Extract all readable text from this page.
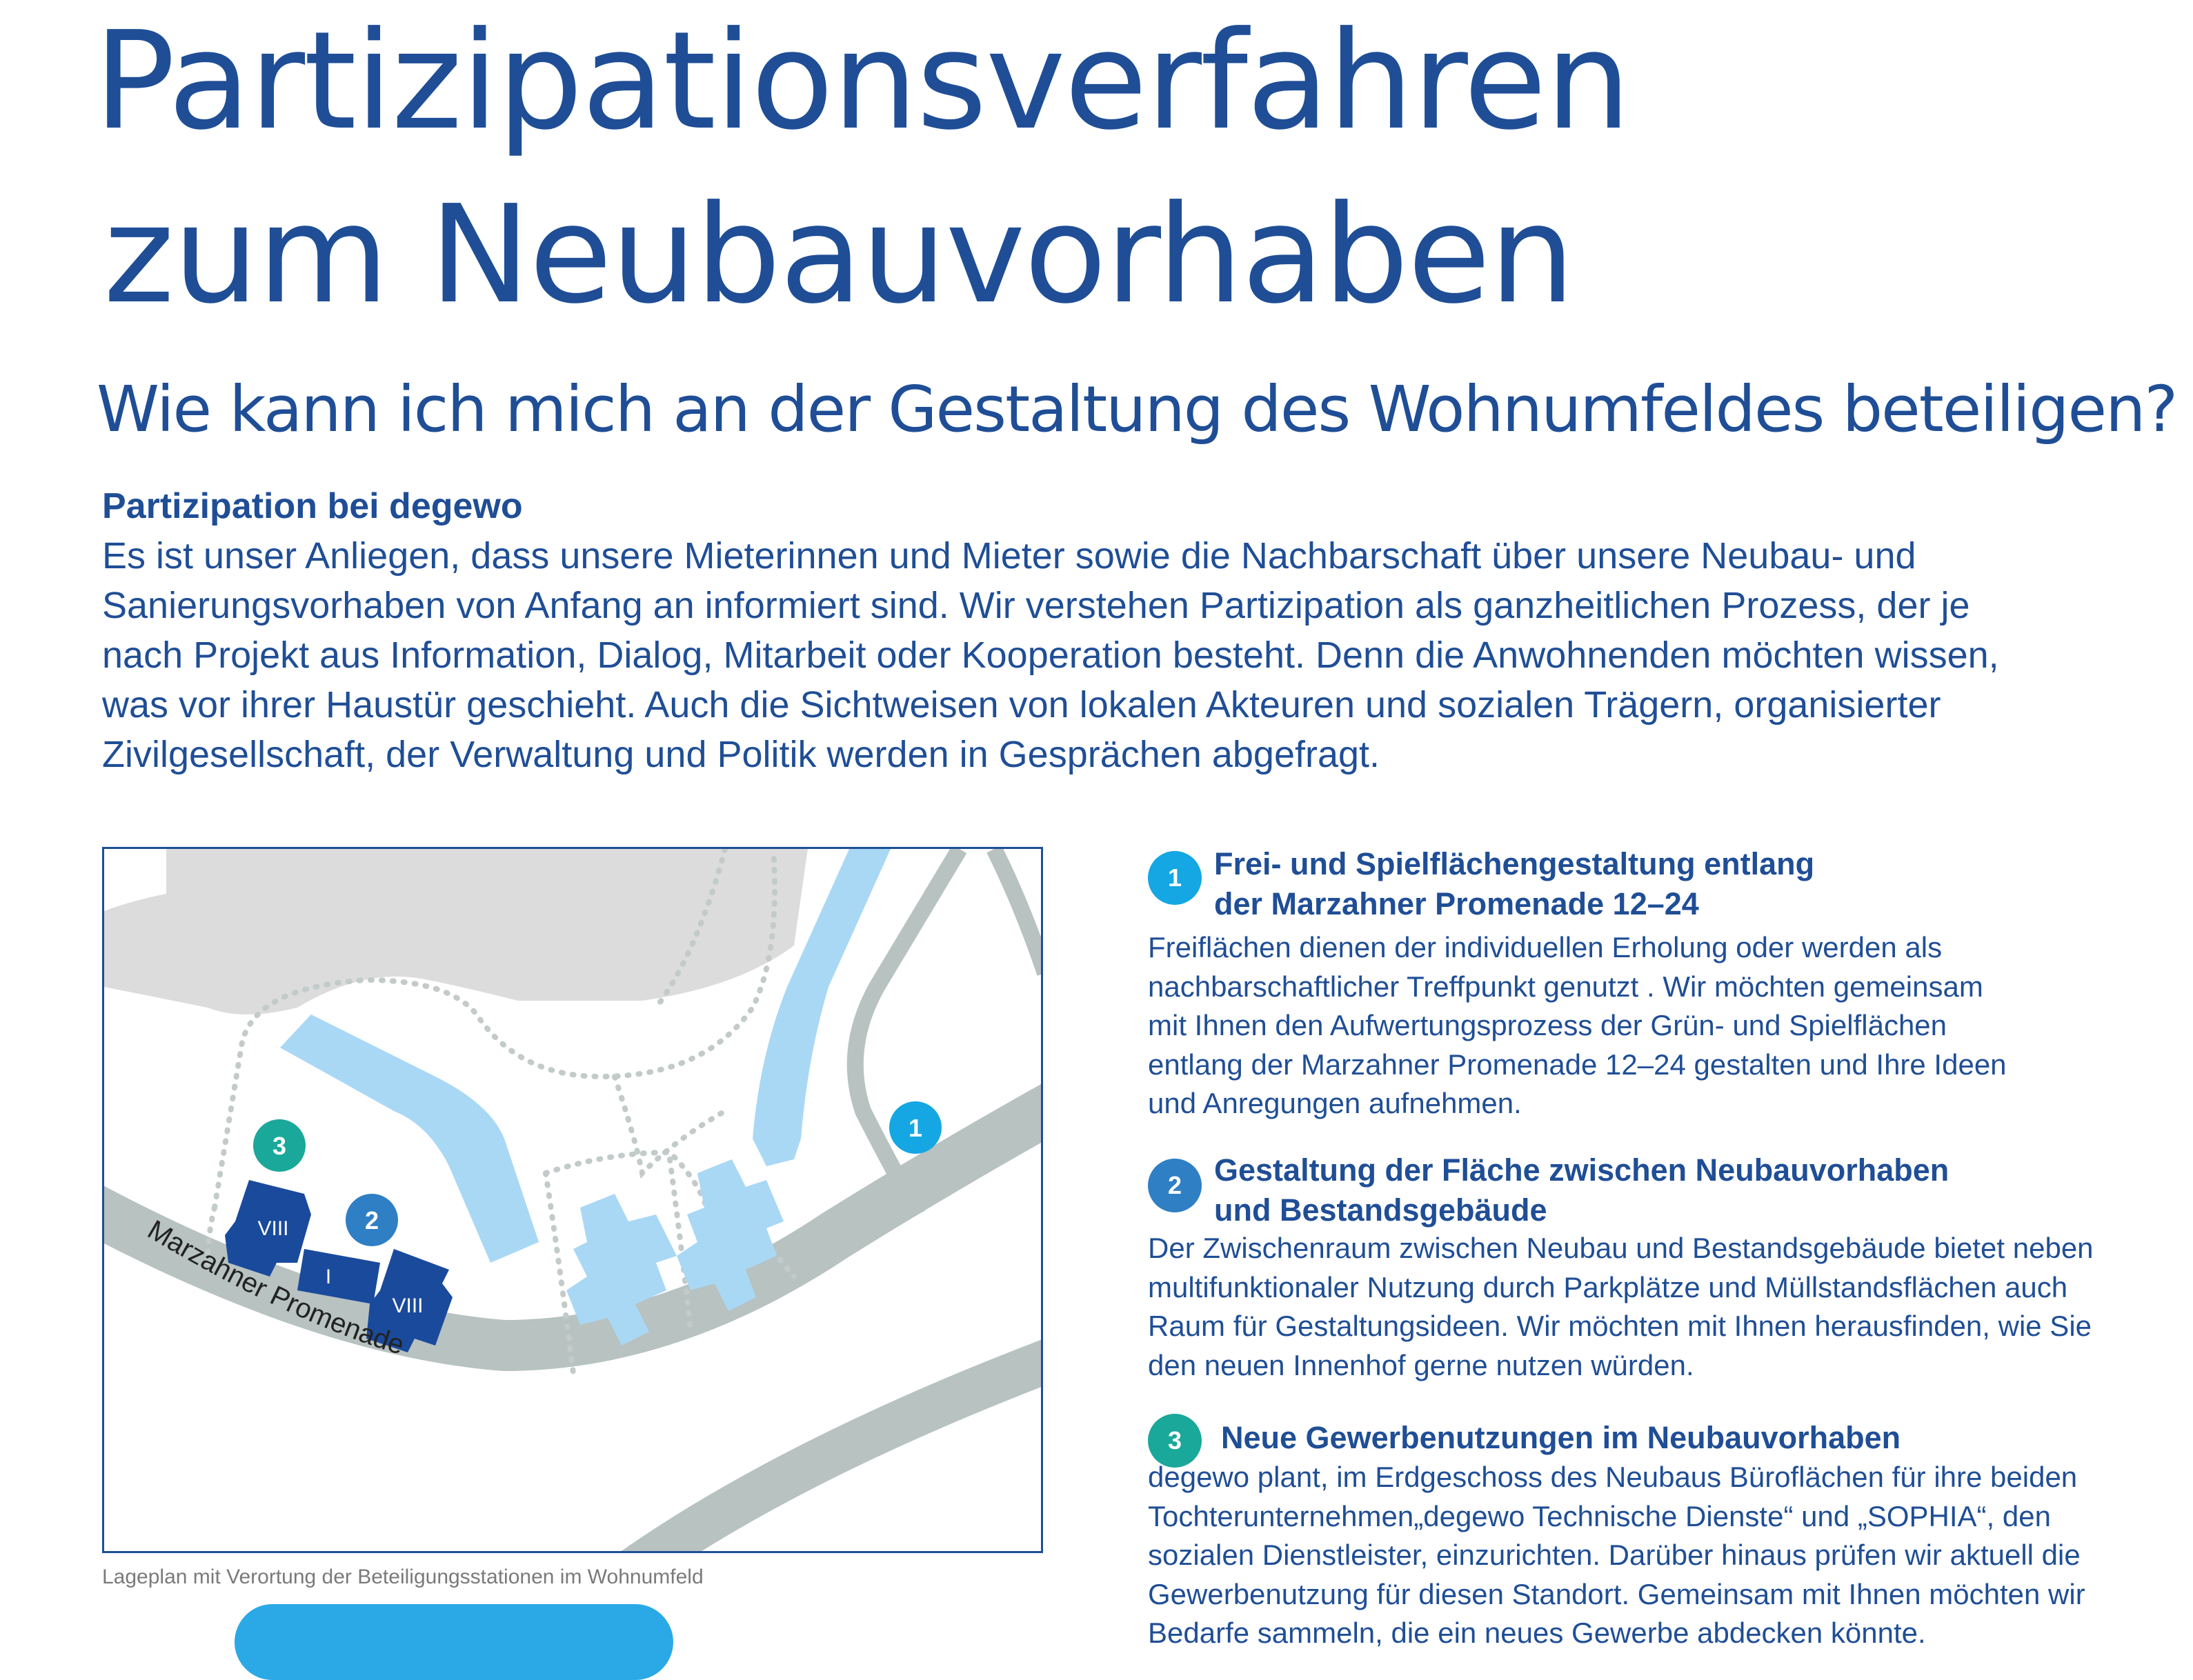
Partizipationsverfahren
zum Neubauvorhaben
Wie kann ich mich an der Gestaltung des Wohnumfeldes beteiligen?
Partizipation bei degewo
Es ist unser Anliegen, dass unsere Mieterinnen und Mieter sowie die Nachbarschaft über unsere Neubau- und
Sanierungsvorhaben von Anfang an informiert sind. Wir verstehen Partizipation als ganzheitlichen Prozess, der je
nach Projekt aus Information, Dialog, Mitarbeit oder Kooperation besteht. Denn die Anwohnenden möchten wissen,
was vor ihrer Haustür geschieht. Auch die Sichtweisen von lokalen Akteuren und sozialen Trägern, organisierter
Zivilgesellschaft, der Verwaltung und Politik werden in Gesprächen abgefragt.
VIII
I
VIII
Marzahner Promenade
1
2
3
Lageplan mit Verortung der Beteiligungsstationen im Wohnumfeld
1	Frei- und Spielflächengestaltung entlang
der Marzahner Promenade 12–24
Freiflächen dienen der individuellen Erholung oder werden als
nachbarschaftlicher Treffpunkt genutzt . Wir möchten gemeinsam
mit Ihnen den Aufwertungsprozess der Grün- und Spielflächen
entlang der Marzahner Promenade 12–24 gestalten und Ihre Ideen
und Anregungen aufnehmen.
2	Gestaltung der Fläche zwischen Neubauvorhaben
und Bestandsgebäude
Der Zwischenraum zwischen Neubau und Bestandsgebäude bietet neben
multifunktionaler Nutzung durch Parkplätze und Müllstandsflächen auch
Raum für Gestaltungsideen. Wir möchten mit Ihnen herausfinden, wie Sie
den neuen Innenhof gerne nutzen würden.
3	Neue Gewerbenutzungen im Neubauvorhaben
degewo plant, im Erdgeschoss des Neubaus Büroflächen für ihre beiden
Tochterunternehmen„degewo Technische Dienste“ und „SOPHIA“, den
sozialen Dienstleister, einzurichten. Darüber hinaus prüfen wir aktuell die
Gewerbenutzung für diesen Standort. Gemeinsam mit Ihnen möchten wir
Bedarfe sammeln, die ein neues Gewerbe abdecken könnte.
